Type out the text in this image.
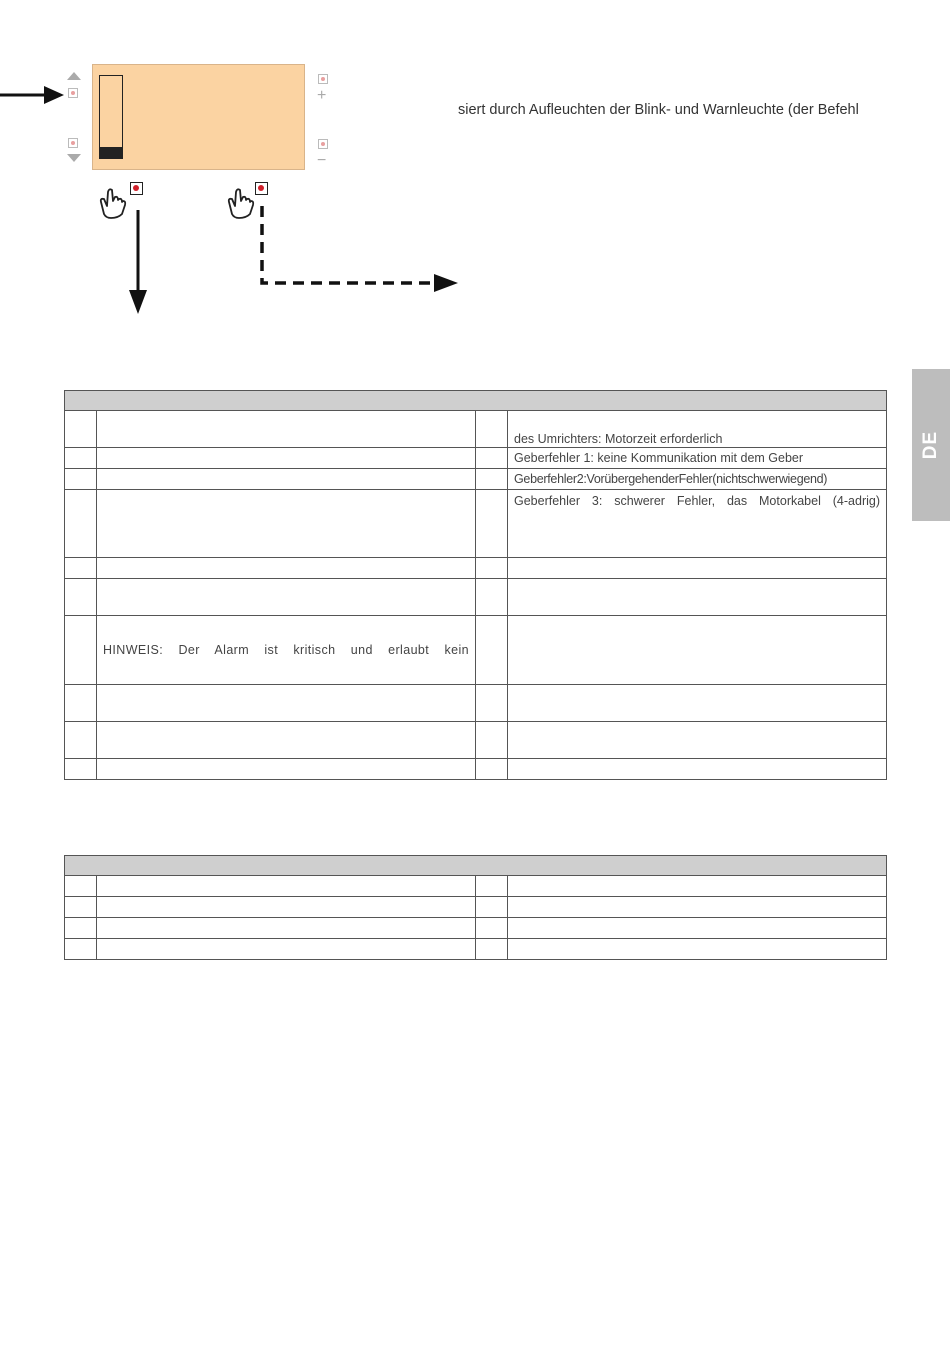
+
−
siert durch Aufleuchten der Blink- und Warnleuchte (der Befehl
DE

			des Umrichters: Motorzeit erforderlich
			Geberfehler 1: keine Kommunikation mit dem Geber
			Geberfehler2:VorübergehenderFehler(nichtschwerwiegend)
			Geberfehler 3: schwerer Fehler, das Motorkabel (4-adrig)

	HINWEIS: Der Alarm ist kritisch und erlaubt kein		
